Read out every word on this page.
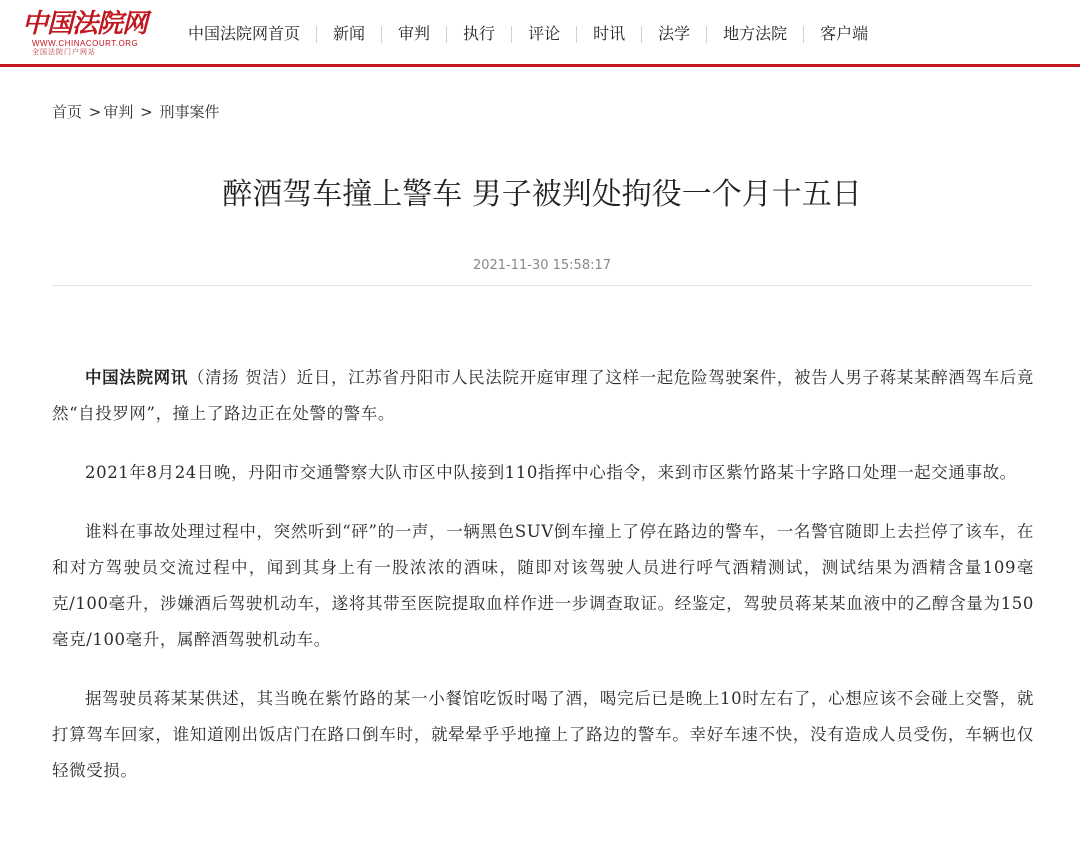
中国法院网
WWW.CHINACOURT.ORG
全国法院门户网站
中国法院网首页	新闻	审判	执行	评论	时讯	法学	地方法院	客户端
首页 > 审判 > 刑事案件
醉酒驾车撞上警车 男子被判处拘役一个月十五日
2021-11-30 15:58:17

中国法院网讯（清扬 贺洁）近日，江苏省丹阳市人民法院开庭审理了这样一起危险驾驶案件，被告人男子蒋某某醉酒驾车后竟然“自投罗网”，撞上了路边正在处警的警车。

2021年8月24日晚，丹阳市交通警察大队市区中队接到110指挥中心指令，来到市区紫竹路某十字路口处理一起交通事故。

谁料在事故处理过程中，突然听到“砰”的一声，一辆黑色SUV倒车撞上了停在路边的警车，一名警官随即上去拦停了该车，在和对方驾驶员交流过程中，闻到其身上有一股浓浓的酒味，随即对该驾驶人员进行呼气酒精测试，测试结果为酒精含量109毫克/100毫升，涉嫌酒后驾驶机动车，遂将其带至医院提取血样作进一步调查取证。经鉴定，驾驶员蒋某某血液中的乙醇含量为150毫克/100毫升，属醉酒驾驶机动车。

据驾驶员蒋某某供述，其当晚在紫竹路的某一小餐馆吃饭时喝了酒，喝完后已是晚上10时左右了，心想应该不会碰上交警，就打算驾车回家，谁知道刚出饭店门在路口倒车时，就晕晕乎乎地撞上了路边的警车。幸好车速不快，没有造成人员受伤，车辆也仅轻微受损。
